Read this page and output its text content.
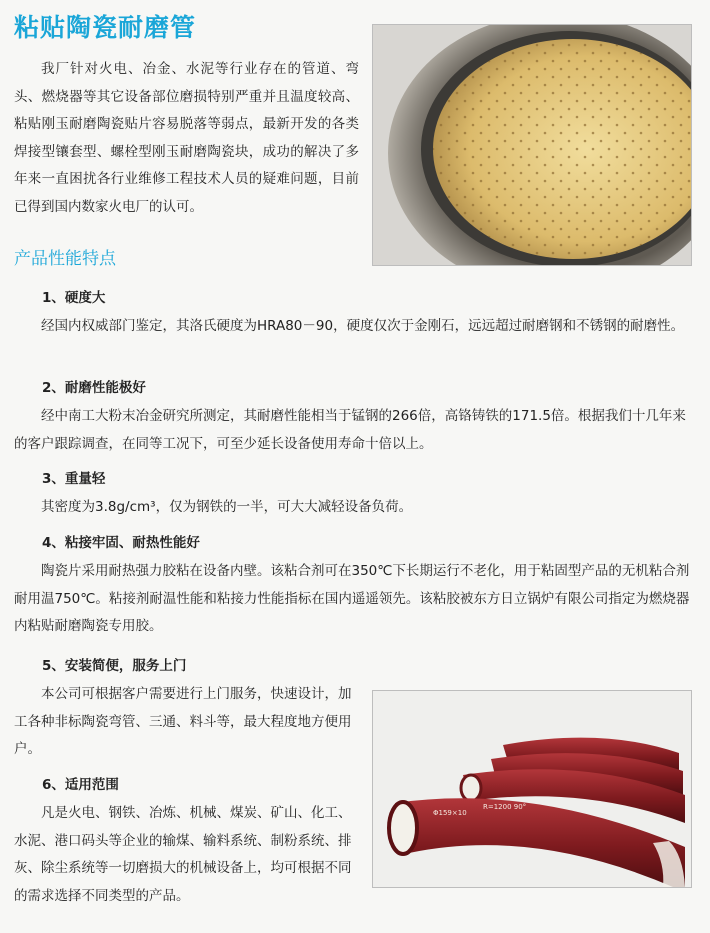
粘贴陶瓷耐磨管

我厂针对火电、冶金、水泥等行业存在的管道、弯头、燃烧器等其它设备部位磨损特别严重并且温度较高、粘贴刚玉耐磨陶瓷贴片容易脱落等弱点，最新开发的各类焊接型镶套型、螺栓型刚玉耐磨陶瓷块，成功的解决了多年来一直困扰各行业维修工程技术人员的疑难问题，目前已得到国内数家火电厂的认可。

产品性能特点
1、硬度大

经国内权威部门鉴定，其洛氏硬度为HRA80－90，硬度仅次于金刚石，远远超过耐磨钢和不锈钢的耐磨性。

2、耐磨性能极好

经中南工大粉末冶金研究所测定，其耐磨性能相当于锰钢的266倍，高铬铸铁的171.5倍。根据我们十几年来的客户跟踪调查，在同等工况下，可至少延长设备使用寿命十倍以上。

3、重量轻

其密度为3.8g/cm³，仅为钢铁的一半，可大大减轻设备负荷。

4、粘接牢固、耐热性能好

陶瓷片采用耐热强力胶粘在设备内壁。该粘合剂可在350℃下长期运行不老化，用于粘固型产品的无机粘合剂耐用温750℃。粘接剂耐温性能和粘接力性能指标在国内遥遥领先。该粘胶被东方日立锅炉有限公司指定为燃烧器内粘贴耐磨陶瓷专用胶。

5、安装简便，服务上门

本公司可根据客户需要进行上门服务，快速设计，加工各种非标陶瓷弯管、三通、料斗等，最大程度地方便用户。

6、适用范围

凡是火电、钢铁、冶炼、机械、煤炭、矿山、化工、水泥、港口码头等企业的输煤、输料系统、制粉系统、排灰、除尘系统等一切磨损大的机械设备上，均可根据不同的需求选择不同类型的产品。

Φ159×10
R=1200 90°
